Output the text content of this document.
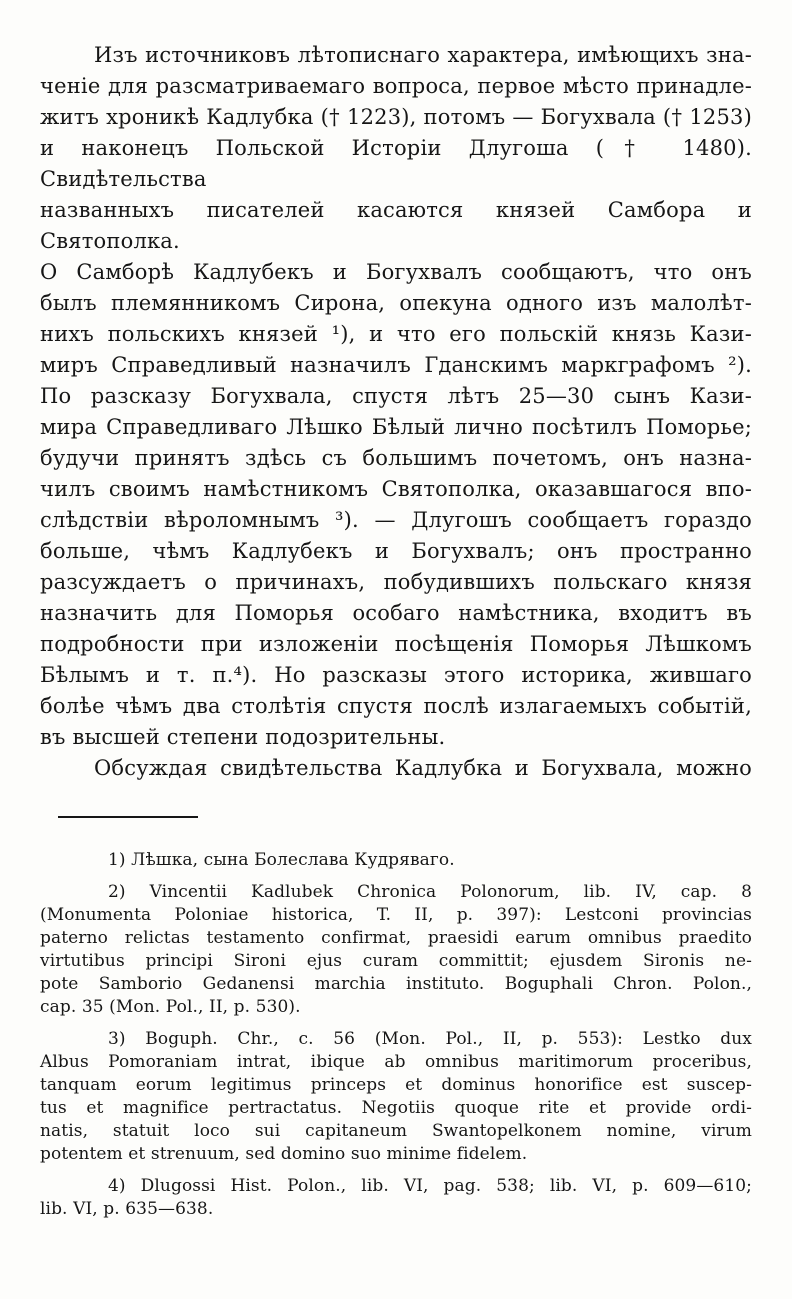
Изъ источниковъ лѣтописнаго характера, имѣющихъ зна-
ченіе для разсматриваемаго вопроса, первое мѣсто принадле-
житъ хроникѣ Кадлубка († 1223), потомъ — Богухвала († 1253)
и наконецъ Польской Исторіи Длугоша († 1480). Свидѣтельства
названныхъ писателей касаются князей Самбора и Святополка.
О Самборѣ Кадлубекъ и Богухвалъ сообщаютъ, что онъ
былъ племянникомъ Сирона, опекуна одного изъ малолѣт-
нихъ польскихъ князей ¹), и что его польскій князь Кази-
миръ Справедливый назначилъ Гданскимъ маркграфомъ ²).
По разсказу Богухвала, спустя лѣтъ 25—30 сынъ Кази-
мира Справедливаго Лѣшко Бѣлый лично посѣтилъ Поморье;
будучи принятъ здѣсь съ большимъ почетомъ, онъ назна-
чилъ своимъ намѣстникомъ Святополка, оказавшагося впо-
слѣдствіи вѣроломнымъ ³). — Длугошъ сообщаетъ гораздо
больше, чѣмъ Кадлубекъ и Богухвалъ; онъ пространно
разсуждаетъ о причинахъ, побудившихъ польскаго князя
назначить для Поморья особаго намѣстника, входитъ въ
подробности при изложеніи посѣщенія Поморья Лѣшкомъ
Бѣлымъ и т. п.⁴). Но разсказы этого историка, жившаго
болѣе чѣмъ два столѣтія спустя послѣ излагаемыхъ событій,
въ высшей степени подозрительны.
Обсуждая свидѣтельства Кадлубка и Богухвала, можно
1) Лѣшка, сына Болеслава Кудряваго.
2) Vincentii Kadlubek Chronica Polonorum, lib. IV, cap. 8
(Monumenta Poloniae historica, T. II, p. 397): Lestconi provincias
paterno relictas testamento confirmat, praesidi earum omnibus praedito
virtutibus principi Sironi ejus curam committit; ejusdem Sironis ne-
pote Samborio Gedanensi marchia instituto. Boguphali Chron. Polon.,
cap. 35 (Mon. Pol., II, p. 530).
3) Boguph. Chr., c. 56 (Mon. Pol., II, p. 553): Lestko dux
Albus Pomoraniam intrat, ibique ab omnibus maritimorum proceribus,
tanquam eorum legitimus princeps et dominus honorifice est suscep-
tus et magnifice pertractatus. Negotiis quoque rite et provide ordi-
natis, statuit loco sui capitaneum Swantopelkonem nomine, virum
potentem et strenuum, sed domino suo minime fidelem.
4) Dlugossi Hist. Polon., lib. VI, pag. 538; lib. VI, p. 609—610;
lib. VI, p. 635—638.
